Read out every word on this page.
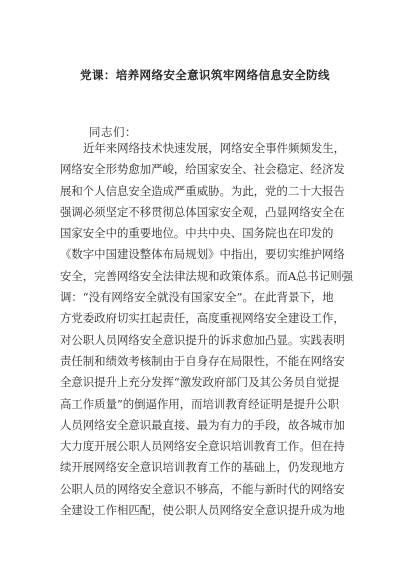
党课：培养网络安全意识筑牢网络信息安全防线
同志们：
近年来网络技术快速发展，网络安全事件频频发生，
网络安全形势愈加严峻，给国家安全、社会稳定、经济发
展和个人信息安全造成严重威胁。为此，党的二十大报告
强调必须坚定不移贯彻总体国家安全观，凸显网络安全在
国家安全中的重要地位。中共中央、国务院也在印发的
《数字中国建设整体布局规划》中指出，要切实维护网络
安全，完善网络安全法律法规和政策体系。而A总书记则强
调：“没有网络安全就没有国家安全”。在此背景下，地
方党委政府切实扛起责任，高度重视网络安全建设工作，
对公职人员网络安全意识提升的诉求愈加凸显。实践表明
责任制和绩效考核制由于自身存在局限性，不能在网络安
全意识提升上充分发挥“激发政府部门及其公务员自觉提
高工作质量”的倒逼作用，而培训教育经证明是提升公职
人员网络安全意识最直接、最为有力的手段，故各城市加
大力度开展公职人员网络安全意识培训教育工作。但在持
续开展网络安全意识培训教育工作的基础上，仍发现地方
公职人员的网络安全意识不够高，不能与新时代的网络安
全建设工作相匹配，使公职人员网络安全意识提升成为地
